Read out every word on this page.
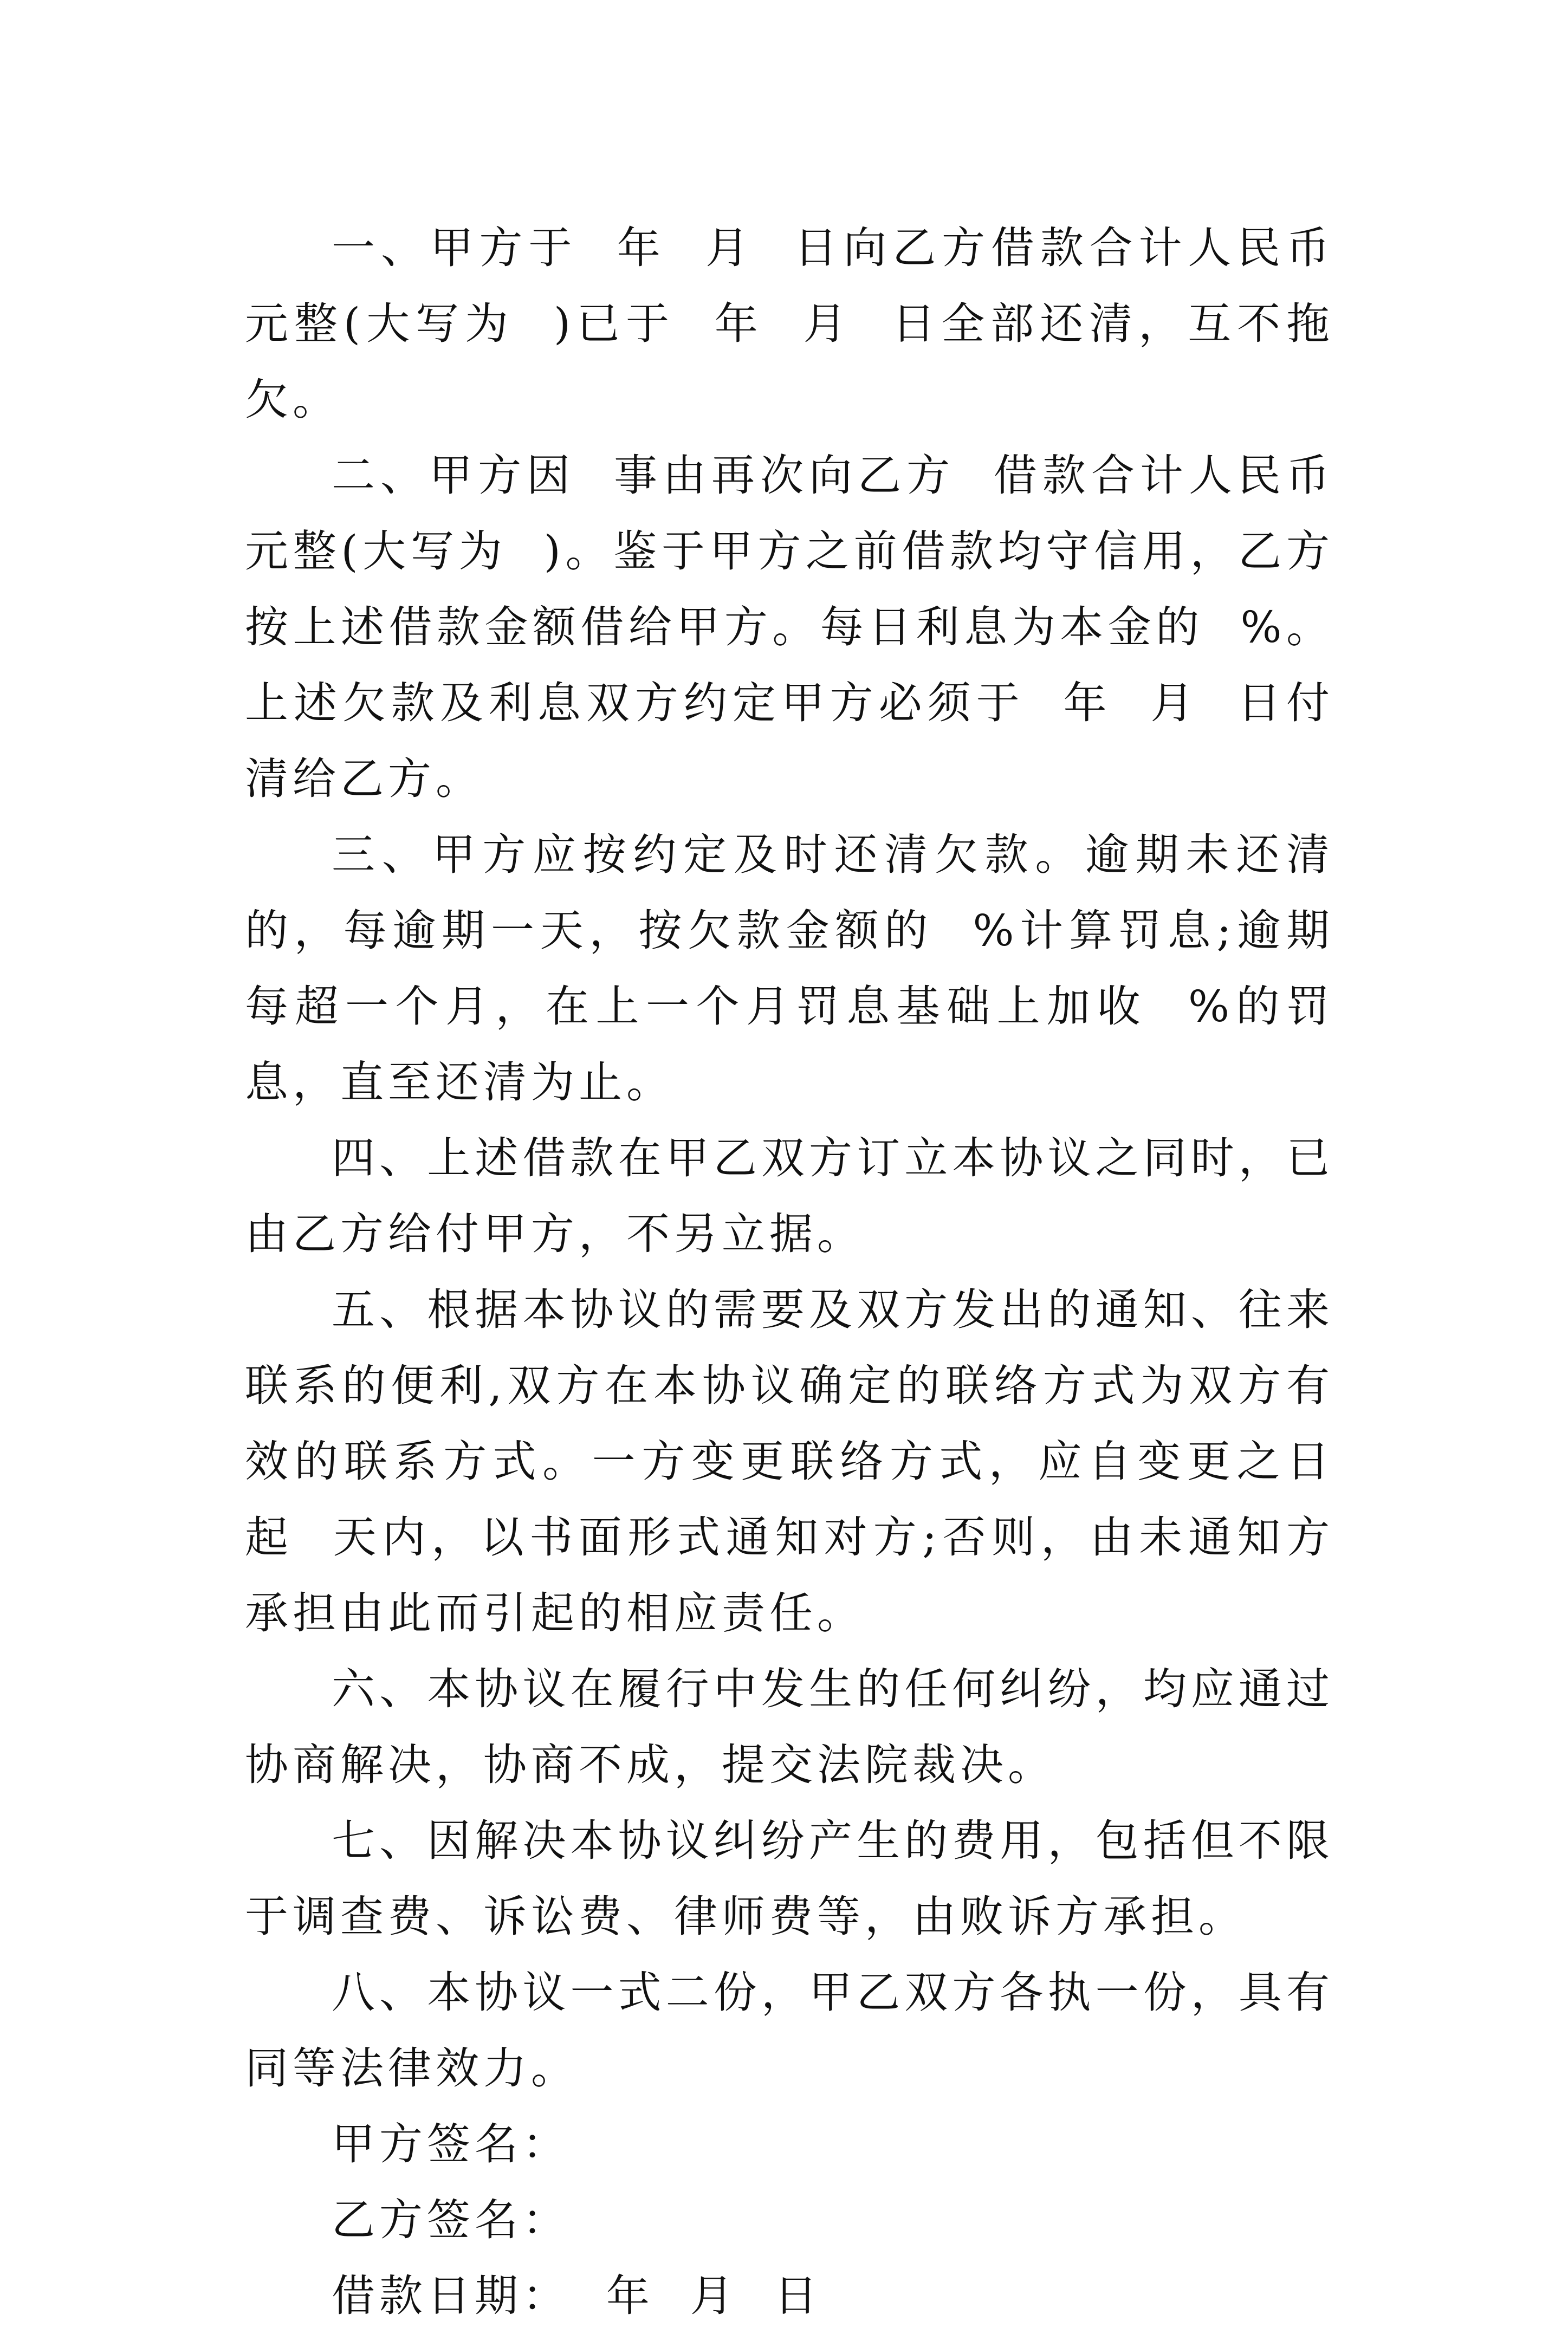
一、甲方于  年  月  日向乙方借款合计人民币  元整(大写为  )已于  年  月  日全部还清，互不拖欠。

二、甲方因  事由再次向乙方  借款合计人民币  元整(大写为  )。鉴于甲方之前借款均守信用，乙方按上述借款金额借给甲方。每日利息为本金的  %。上述欠款及利息双方约定甲方必须于  年  月  日付清给乙方。

三、甲方应按约定及时还清欠款。逾期未还清的，每逾期一天，按欠款金额的  %计算罚息;逾期每超一个月，在上一个月罚息基础上加收  %的罚息，直至还清为止。

四、上述借款在甲乙双方订立本协议之同时，已由乙方给付甲方，不另立据。

五、根据本协议的需要及双方发出的通知、往来联系的便利,双方在本协议确定的联络方式为双方有效的联系方式。一方变更联络方式，应自变更之日起  天内，以书面形式通知对方;否则，由未通知方承担由此而引起的相应责任。

六、本协议在履行中发生的任何纠纷，均应通过协商解决，协商不成，提交法院裁决。

七、因解决本协议纠纷产生的费用，包括但不限于调查费、诉讼费、律师费等，由败诉方承担。

八、本协议一式二份，甲乙双方各执一份，具有同等法律效力。

甲方签名：

乙方签名：

借款日期：  年  月  日
